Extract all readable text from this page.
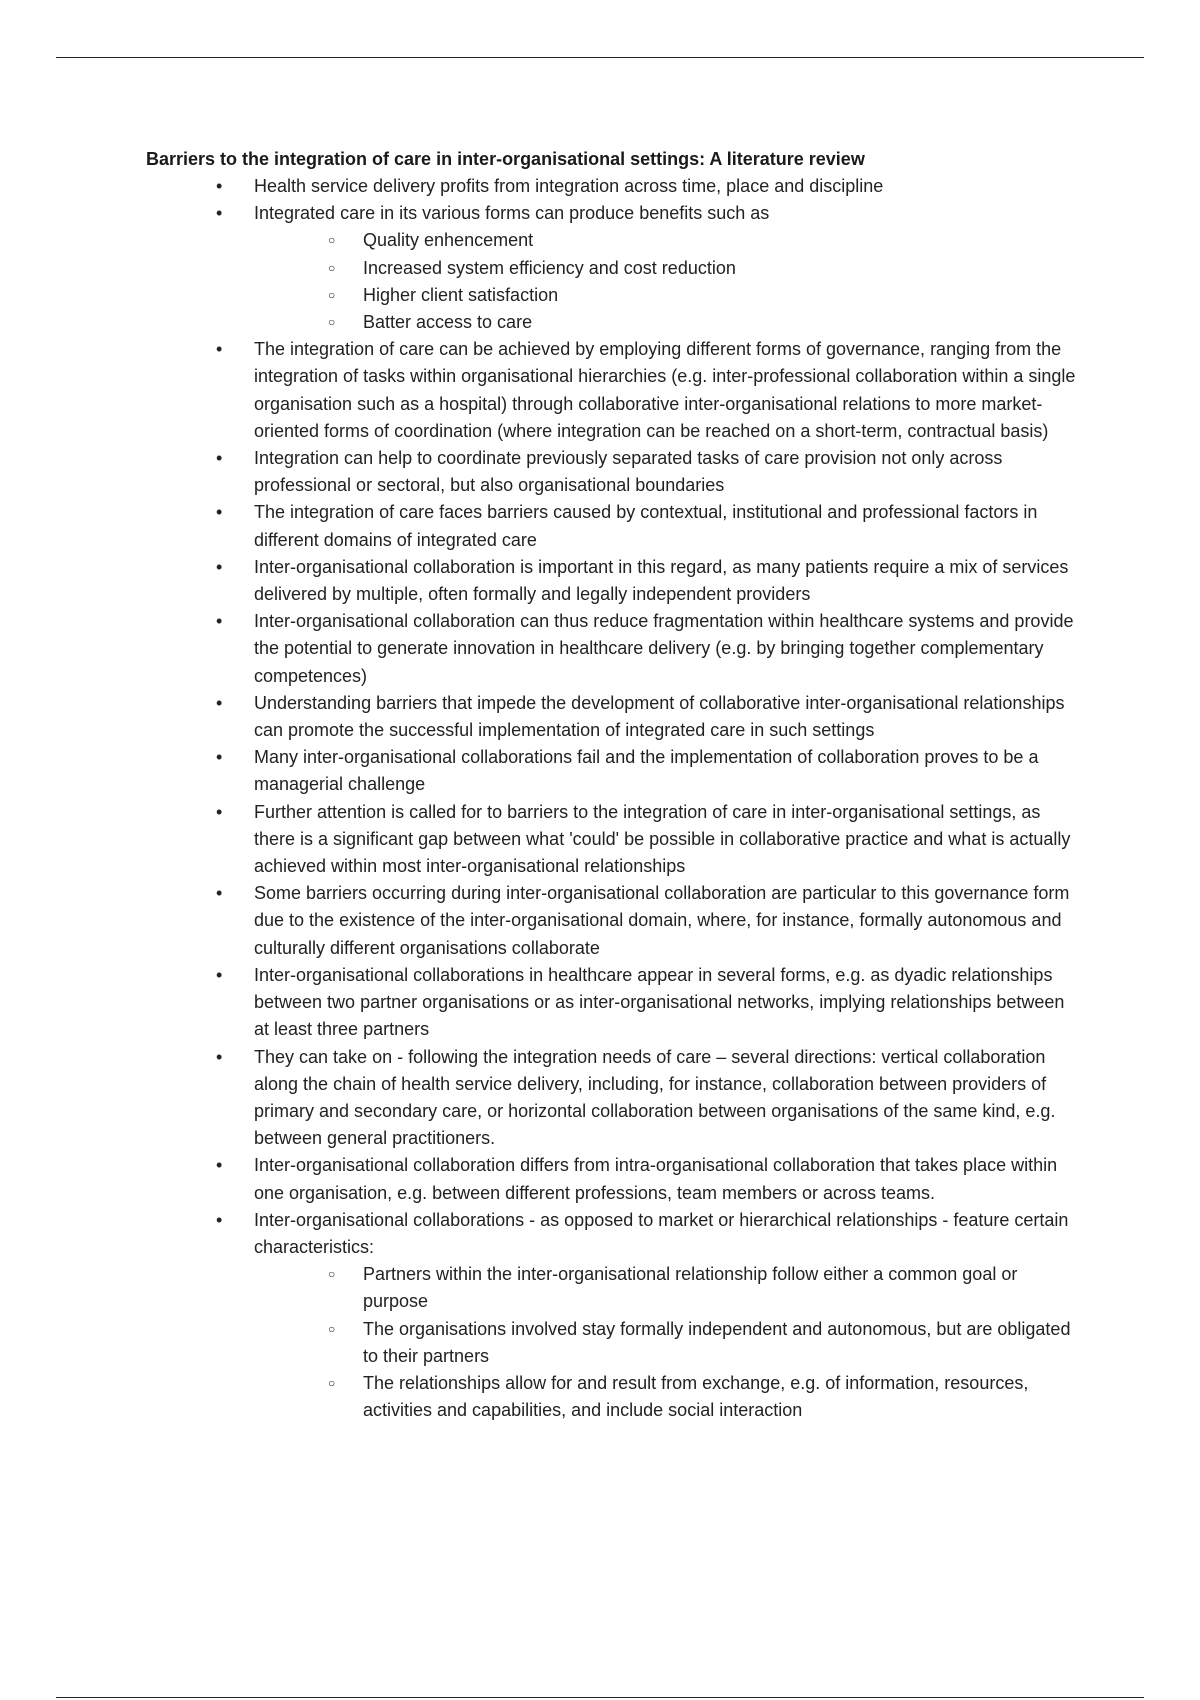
Barriers to the integration of care in inter-organisational settings: A literature review

• Health service delivery profits from integration across time, place and discipline
• Integrated care in its various forms can produce benefits such as
○ Quality enhencement
○ Increased system efficiency and cost reduction
○ Higher client satisfaction
○ Batter access to care
• The integration of care can be achieved by employing different forms of governance, ranging from the integration of tasks within organisational hierarchies (e.g. inter-professional collaboration within a single organisation such as a hospital) through collaborative inter-organisational relations to more market-oriented forms of coordination (where integration can be reached on a short-term, contractual basis)
• Integration can help to coordinate previously separated tasks of care provision not only across professional or sectoral, but also organisational boundaries
• The integration of care faces barriers caused by contextual, institutional and professional factors in different domains of integrated care
• Inter-organisational collaboration is important in this regard, as many patients require a mix of services delivered by multiple, often formally and legally independent providers
• Inter-organisational collaboration can thus reduce fragmentation within healthcare systems and provide the potential to generate innovation in healthcare delivery (e.g. by bringing together complementary competences)
• Understanding barriers that impede the development of collaborative inter-organisational relationships can promote the successful implementation of integrated care in such settings
• Many inter-organisational collaborations fail and the implementation of collaboration proves to be a managerial challenge
• Further attention is called for to barriers to the integration of care in inter-organisational settings, as there is a significant gap between what 'could' be possible in collaborative practice and what is actually achieved within most inter-organisational relationships
• Some barriers occurring during inter-organisational collaboration are particular to this governance form due to the existence of the inter-organisational domain, where, for instance, formally autonomous and culturally different organisations collaborate
• Inter-organisational collaborations in healthcare appear in several forms, e.g. as dyadic relationships between two partner organisations or as inter-organisational networks, implying relationships between at least three partners
• They can take on - following the integration needs of care – several directions: vertical collaboration along the chain of health service delivery, including, for instance, collaboration between providers of primary and secondary care, or horizontal collaboration between organisations of the same kind, e.g. between general practitioners.
• Inter-organisational collaboration differs from intra-organisational collaboration that takes place within one organisation, e.g. between different professions, team members or across teams.
• Inter-organisational collaborations - as opposed to market or hierarchical relationships - feature certain characteristics:
○ Partners within the inter-organisational relationship follow either a common goal or purpose
○ The organisations involved stay formally independent and autonomous, but are obligated to their partners
○ The relationships allow for and result from exchange, e.g. of information, resources, activities and capabilities, and include social interaction
